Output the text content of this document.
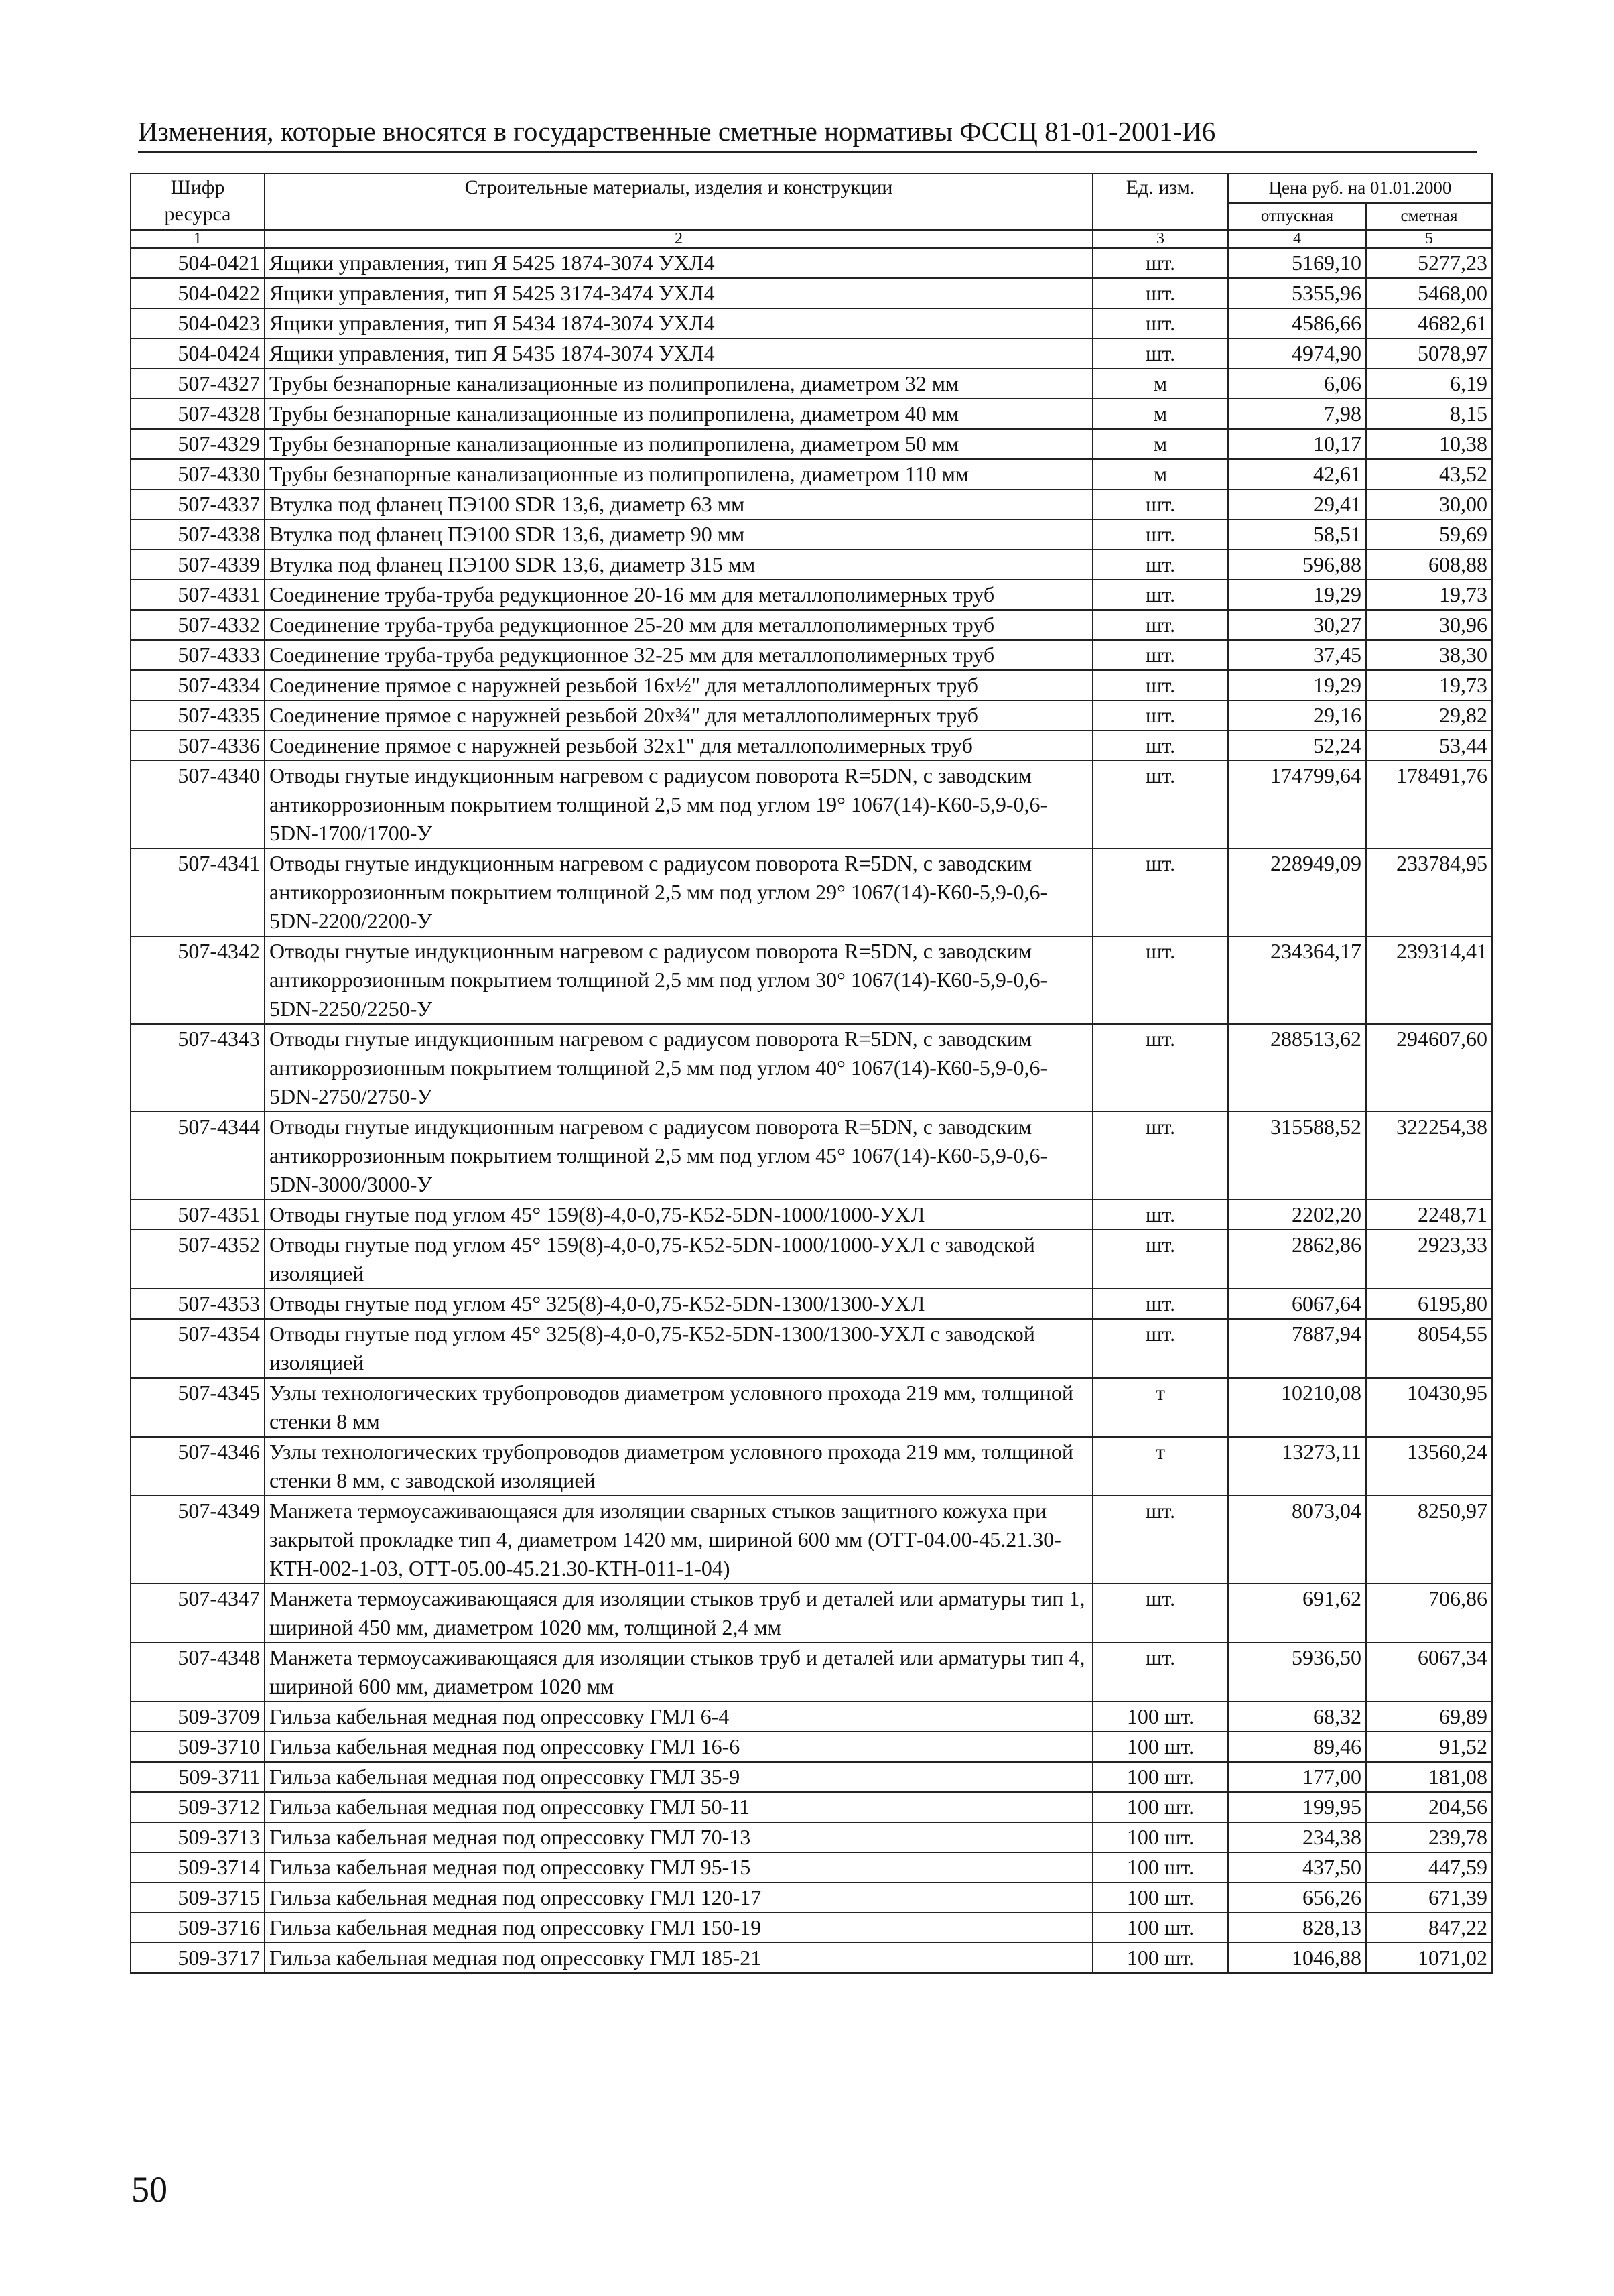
Изменения, которые вносятся в государственные сметные нормативы ФССЦ 81-01-2001-И6
Шифр ресурса	Строительные материалы, изделия и конструкции	Ед. изм.	Цена руб. на 01.01.2000	
			отпускная	сметная
1	2	3	4	5
504-0421	Ящики управления, тип Я 5425 1874-3074 УХЛ4	шт.	5169,10	5277,23
504-0422	Ящики управления, тип Я 5425 3174-3474 УХЛ4	шт.	5355,96	5468,00
504-0423	Ящики управления, тип Я 5434 1874-3074 УХЛ4	шт.	4586,66	4682,61
504-0424	Ящики управления, тип Я 5435 1874-3074 УХЛ4	шт.	4974,90	5078,97
507-4327	Трубы безнапорные канализационные из полипропилена, диаметром 32 мм	м	6,06	6,19
507-4328	Трубы безнапорные канализационные из полипропилена, диаметром 40 мм	м	7,98	8,15
507-4329	Трубы безнапорные канализационные из полипропилена, диаметром 50 мм	м	10,17	10,38
507-4330	Трубы безнапорные канализационные из полипропилена, диаметром 110 мм	м	42,61	43,52
507-4337	Втулка под фланец ПЭ100 SDR 13,6, диаметр 63 мм	шт.	29,41	30,00
507-4338	Втулка под фланец ПЭ100 SDR 13,6, диаметр 90 мм	шт.	58,51	59,69
507-4339	Втулка под фланец ПЭ100 SDR 13,6, диаметр 315 мм	шт.	596,88	608,88
507-4331	Соединение труба-труба редукционное 20-16 мм для металлополимерных труб	шт.	19,29	19,73
507-4332	Соединение труба-труба редукционное 25-20 мм для металлополимерных труб	шт.	30,27	30,96
507-4333	Соединение труба-труба редукционное 32-25 мм для металлополимерных труб	шт.	37,45	38,30
507-4334	Соединение прямое с наружней резьбой 16х½" для металлополимерных труб	шт.	19,29	19,73
507-4335	Соединение прямое с наружней резьбой 20х¾" для металлополимерных труб	шт.	29,16	29,82
507-4336	Соединение прямое с наружней резьбой 32х1" для металлополимерных труб	шт.	52,24	53,44
507-4340	Отводы гнутые индукционным нагревом с радиусом поворота R=5DN, с заводским антикоррозионным покрытием толщиной 2,5 мм под углом 19° 1067(14)-К60-5,9-0,6-5DN-1700/1700-У	шт.	174799,64	178491,76
507-4341	Отводы гнутые индукционным нагревом с радиусом поворота R=5DN, с заводским антикоррозионным покрытием толщиной 2,5 мм под углом 29° 1067(14)-К60-5,9-0,6-5DN-2200/2200-У	шт.	228949,09	233784,95
507-4342	Отводы гнутые индукционным нагревом с радиусом поворота R=5DN, с заводским антикоррозионным покрытием толщиной 2,5 мм под углом 30° 1067(14)-К60-5,9-0,6-5DN-2250/2250-У	шт.	234364,17	239314,41
507-4343	Отводы гнутые индукционным нагревом с радиусом поворота R=5DN, с заводским антикоррозионным покрытием толщиной 2,5 мм под углом 40° 1067(14)-К60-5,9-0,6-5DN-2750/2750-У	шт.	288513,62	294607,60
507-4344	Отводы гнутые индукционным нагревом с радиусом поворота R=5DN, с заводским антикоррозионным покрытием толщиной 2,5 мм под углом 45° 1067(14)-К60-5,9-0,6-5DN-3000/3000-У	шт.	315588,52	322254,38
507-4351	Отводы гнутые под углом 45° 159(8)-4,0-0,75-К52-5DN-1000/1000-УХЛ	шт.	2202,20	2248,71
507-4352	Отводы гнутые под углом 45° 159(8)-4,0-0,75-К52-5DN-1000/1000-УХЛ с заводской изоляцией	шт.	2862,86	2923,33
507-4353	Отводы гнутые под углом 45° 325(8)-4,0-0,75-К52-5DN-1300/1300-УХЛ	шт.	6067,64	6195,80
507-4354	Отводы гнутые под углом 45° 325(8)-4,0-0,75-К52-5DN-1300/1300-УХЛ с заводской изоляцией	шт.	7887,94	8054,55
507-4345	Узлы технологических трубопроводов диаметром условного прохода 219 мм, толщиной стенки 8 мм	т	10210,08	10430,95
507-4346	Узлы технологических трубопроводов диаметром условного прохода 219 мм, толщиной стенки 8 мм, с заводской изоляцией	т	13273,11	13560,24
507-4349	Манжета термоусаживающаяся для изоляции сварных стыков защитного кожуха при закрытой прокладке тип 4, диаметром 1420 мм, шириной 600 мм (ОТТ-04.00-45.21.30-КТН-002-1-03, ОТТ-05.00-45.21.30-КТН-011-1-04)	шт.	8073,04	8250,97
507-4347	Манжета термоусаживающаяся для изоляции стыков труб и деталей или арматуры тип 1, шириной 450 мм, диаметром 1020 мм, толщиной 2,4 мм	шт.	691,62	706,86
507-4348	Манжета термоусаживающаяся для изоляции стыков труб и деталей или арматуры тип 4, шириной 600 мм, диаметром 1020 мм	шт.	5936,50	6067,34
509-3709	Гильза кабельная медная под опрессовку ГМЛ 6-4	100 шт.	68,32	69,89
509-3710	Гильза кабельная медная под опрессовку ГМЛ 16-6	100 шт.	89,46	91,52
509-3711	Гильза кабельная медная под опрессовку ГМЛ 35-9	100 шт.	177,00	181,08
509-3712	Гильза кабельная медная под опрессовку ГМЛ 50-11	100 шт.	199,95	204,56
509-3713	Гильза кабельная медная под опрессовку ГМЛ 70-13	100 шт.	234,38	239,78
509-3714	Гильза кабельная медная под опрессовку ГМЛ 95-15	100 шт.	437,50	447,59
509-3715	Гильза кабельная медная под опрессовку ГМЛ 120-17	100 шт.	656,26	671,39
509-3716	Гильза кабельная медная под опрессовку ГМЛ 150-19	100 шт.	828,13	847,22
509-3717	Гильза кабельная медная под опрессовку ГМЛ 185-21	100 шт.	1046,88	1071,02
50
